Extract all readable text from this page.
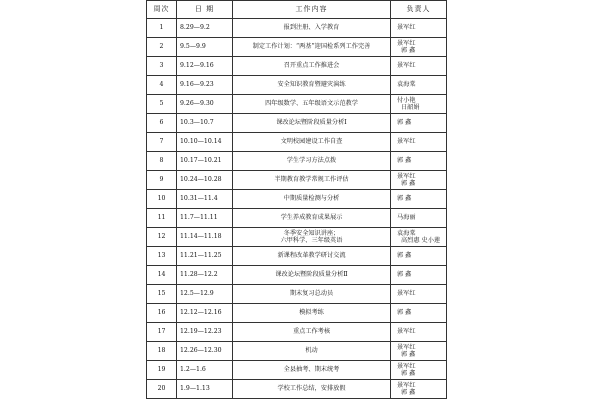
周次	日 期	工作内容	负责人
1	8.29—9.2	报到注册、入学教育	景军红

2	9.5—9.9	制定工作计划：“两基”迎国检系列工作完善	景军红
郭 鑫

3	9.12—9.16	召开重点工作推进会	景军红

4	9.16—9.23	安全知识教育暨避灾演练	袁海棠

5	9.26—9.30	四年级数学、五年级语文示范教学	付小艳
日韶娟

6	10.3—10.7	课改论坛暨阶段质量分析Ⅰ	郭 鑫

7	10.10—10.14	文明校园建设工作自查	景军红

8	10.17—10.21	学生学习方法点拨	郭 鑫

9	10.24—10.28	半期教育教学常规工作评估	景军红
郭 鑫

10	10.31—11.4	中期质量检测与分析	郭 鑫

11	11.7—11.11	学生养成教育成果展示	马海丽

12	11.14—11.18	冬季安全知识讲座；
六甲科学、三年级英语	袁海棠
高烈惠 史小莲

13	11.21—11.25	新课程改革教学研讨交流	郭 鑫

14	11.28—12.2	课改论坛暨阶段质量分析Ⅱ	郭 鑫

15	12.5—12.9	期末复习总动员	景军红

16	12.12—12.16	模拟考练	郭 鑫

17	12.19—12.23	重点工作考核	景军红

18	12.26—12.30	机动	景军红
郭 鑫

19	1.2—1.6	全县抽考、期末统考	景军红
郭 鑫

20	1.9—1.13	学校工作总结，安排放假	景军红
郭 鑫
